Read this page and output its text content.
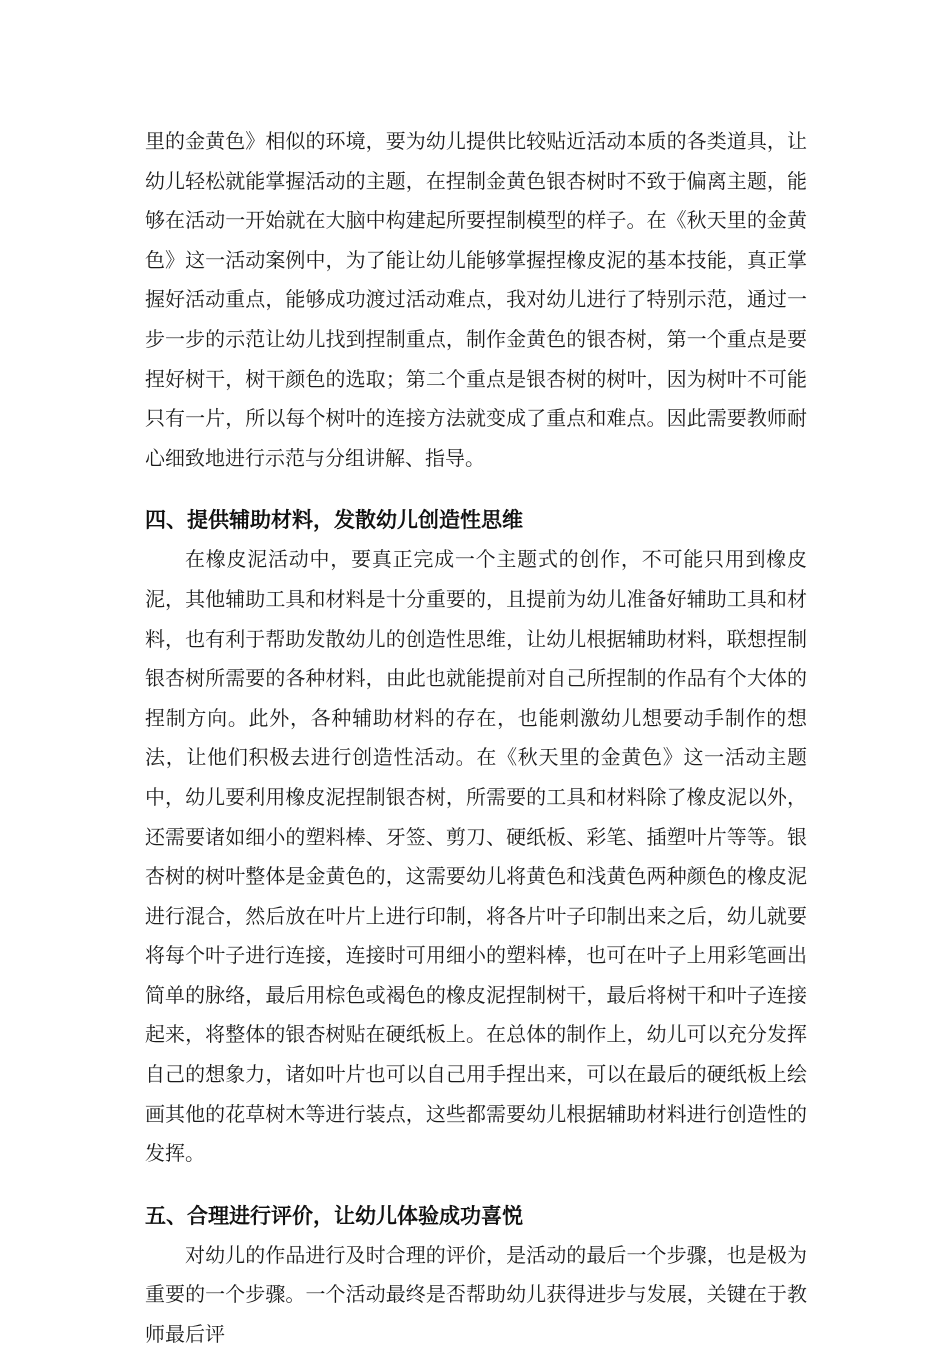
里的金黄色》相似的环境，要为幼儿提供比较贴近活动本质的各类道具，让幼儿轻松就能掌握活动的主题，在捏制金黄色银杏树时不致于偏离主题，能够在活动一开始就在大脑中构建起所要捏制模型的样子。在《秋天里的金黄色》这一活动案例中，为了能让幼儿能够掌握捏橡皮泥的基本技能，真正掌握好活动重点，能够成功渡过活动难点，我对幼儿进行了特别示范，通过一步一步的示范让幼儿找到捏制重点，制作金黄色的银杏树，第一个重点是要捏好树干，树干颜色的选取；第二个重点是银杏树的树叶，因为树叶不可能只有一片，所以每个树叶的连接方法就变成了重点和难点。因此需要教师耐心细致地进行示范与分组讲解、指导。

四、提供辅助材料，发散幼儿创造性思维

在橡皮泥活动中，要真正完成一个主题式的创作，不可能只用到橡皮泥，其他辅助工具和材料是十分重要的，且提前为幼儿准备好辅助工具和材料，也有利于帮助发散幼儿的创造性思维，让幼儿根据辅助材料，联想捏制银杏树所需要的各种材料，由此也就能提前对自己所捏制的作品有个大体的捏制方向。此外，各种辅助材料的存在，也能刺激幼儿想要动手制作的想法，让他们积极去进行创造性活动。在《秋天里的金黄色》这一活动主题中，幼儿要利用橡皮泥捏制银杏树，所需要的工具和材料除了橡皮泥以外，还需要诸如细小的塑料棒、牙签、剪刀、硬纸板、彩笔、插塑叶片等等。银杏树的树叶整体是金黄色的，这需要幼儿将黄色和浅黄色两种颜色的橡皮泥进行混合，然后放在叶片上进行印制，将各片叶子印制出来之后，幼儿就要将每个叶子进行连接，连接时可用细小的塑料棒，也可在叶子上用彩笔画出简单的脉络，最后用棕色或褐色的橡皮泥捏制树干，最后将树干和叶子连接起来，将整体的银杏树贴在硬纸板上。在总体的制作上，幼儿可以充分发挥自己的想象力，诸如叶片也可以自己用手捏出来，可以在最后的硬纸板上绘画其他的花草树木等进行装点，这些都需要幼儿根据辅助材料进行创造性的发挥。

五、合理进行评价，让幼儿体验成功喜悦

对幼儿的作品进行及时合理的评价，是活动的最后一个步骤，也是极为重要的一个步骤。一个活动最终是否帮助幼儿获得进步与发展，关键在于教师最后评
